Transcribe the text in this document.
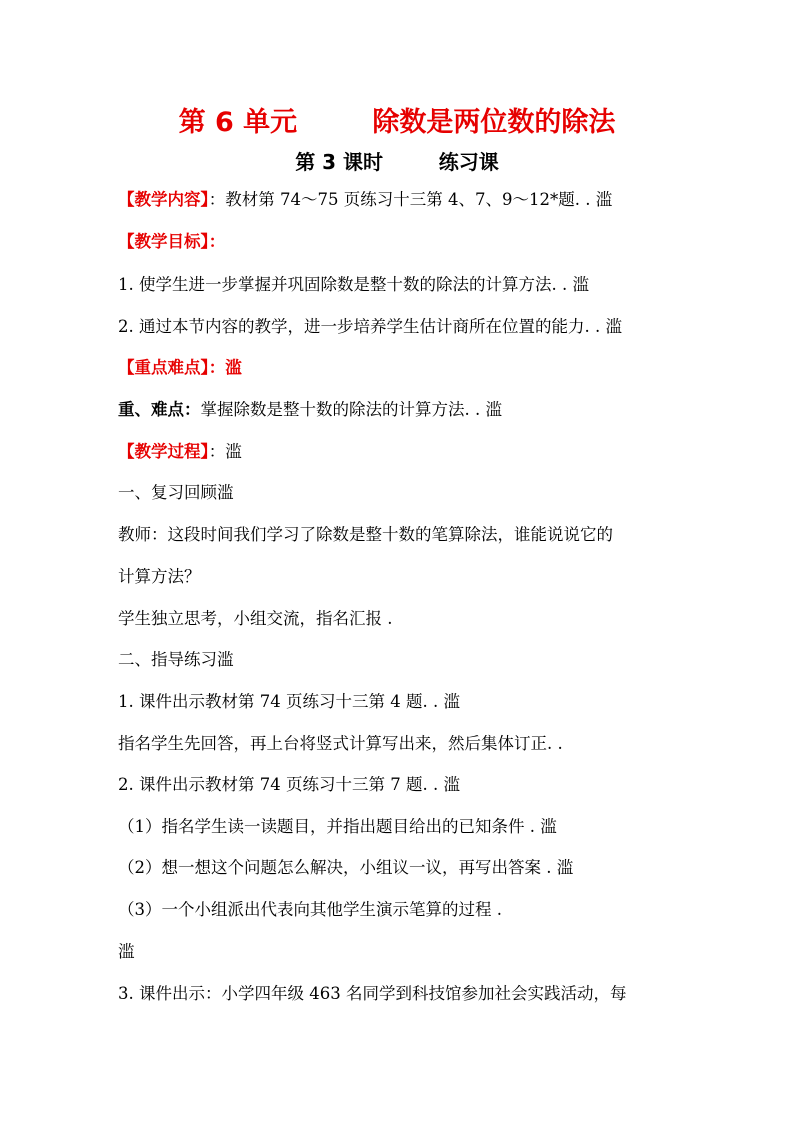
第 6 单元        除数是两位数的除法
第 3 课时        练习课
【教学内容】：教材第 74～75 页练习十三第 4、7、9～12*题. . 滥
【教学目标】：
1. 使学生进一步掌握并巩固除数是整十数的除法的计算方法. . 滥
2. 通过本节内容的教学，进一步培养学生估计商所在位置的能力. . 滥
【重点难点】：滥
重、难点：掌握除数是整十数的除法的计算方法. . 滥
【教学过程】：滥
一、复习回顾滥
教师：这段时间我们学习了除数是整十数的笔算除法，谁能说说它的
计算方法？
学生独立思考，小组交流，指名汇报 .
二、指导练习滥
1. 课件出示教材第 74 页练习十三第 4 题. . 滥
指名学生先回答，再上台将竖式计算写出来，然后集体订正. .
2. 课件出示教材第 74 页练习十三第 7 题. . 滥
（1）指名学生读一读题目，并指出题目给出的已知条件 . 滥
（2）想一想这个问题怎么解决，小组议一议，再写出答案 . 滥
（3）一个小组派出代表向其他学生演示笔算的过程 .
滥
3. 课件出示：小学四年级 463 名同学到科技馆参加社会实践活动，每
